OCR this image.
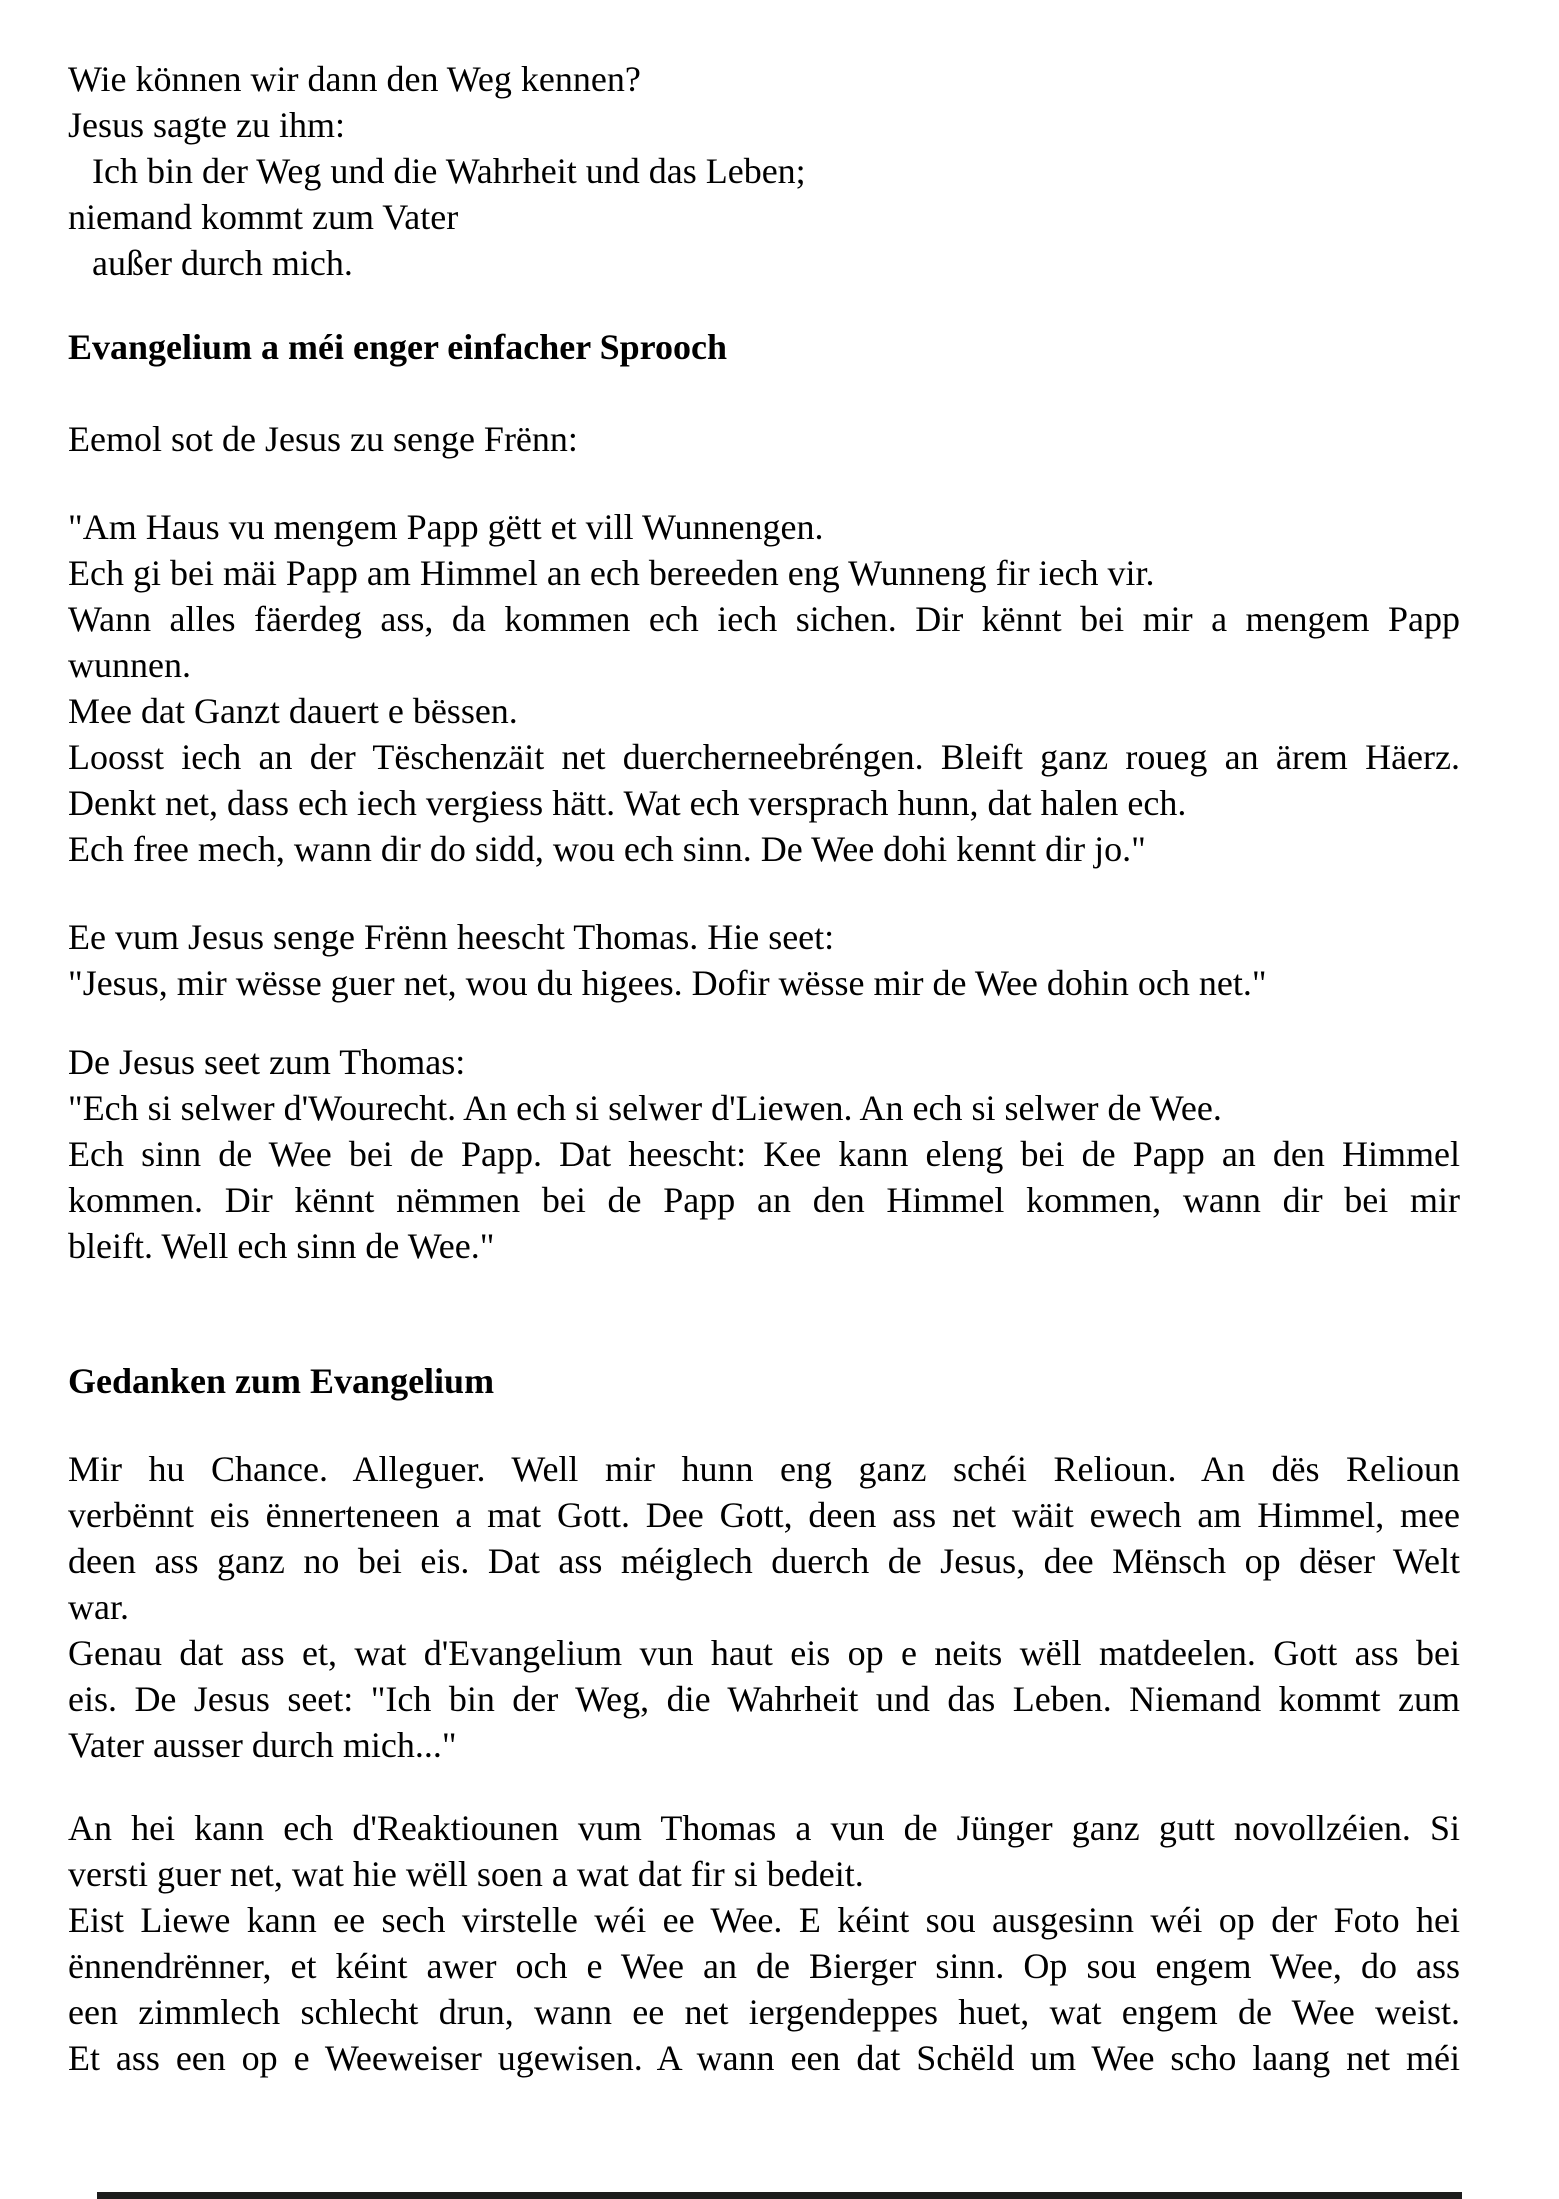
Wie können wir dann den Weg kennen?
Jesus sagte zu ihm:
Ich bin der Weg und die Wahrheit und das Leben;
niemand kommt zum Vater
außer durch mich.
Evangelium a méi enger einfacher Sprooch
Eemol sot de Jesus zu senge Frënn:
"Am Haus vu mengem Papp gëtt et vill Wunnengen.
Ech gi bei mäi Papp am Himmel an ech bereeden eng Wunneng fir iech vir.
Wann alles fäerdeg ass, da kommen ech iech sichen. Dir kënnt bei mir a mengem Papp
wunnen.
Mee dat Ganzt dauert e bëssen.
Loosst iech an der Tëschenzäit net duercherneebréngen. Bleift ganz roueg an ärem Häerz.
Denkt net, dass ech iech vergiess hätt. Wat ech versprach hunn, dat halen ech.
Ech free mech, wann dir do sidd, wou ech sinn. De Wee dohi kennt dir jo."
Ee vum Jesus senge Frënn heescht Thomas. Hie seet:
"Jesus, mir wësse guer net, wou du higees. Dofir wësse mir de Wee dohin och net."
De Jesus seet zum Thomas:
"Ech si selwer d'Wourecht. An ech si selwer d'Liewen. An ech si selwer de Wee.
Ech sinn de Wee bei de Papp. Dat heescht: Kee kann eleng bei de Papp an den Himmel
kommen. Dir kënnt nëmmen bei de Papp an den Himmel kommen, wann dir bei mir
bleift. Well ech sinn de Wee."
Gedanken zum Evangelium
Mir hu Chance. Alleguer. Well mir hunn eng ganz schéi Relioun. An dës Relioun
verbënnt eis ënnerteneen a mat Gott. Dee Gott, deen ass net wäit ewech am Himmel, mee
deen ass ganz no bei eis. Dat ass méiglech duerch de Jesus, dee Mënsch op dëser Welt
war.
Genau dat ass et, wat d'Evangelium vun haut eis op e neits wëll matdeelen. Gott ass bei
eis. De Jesus seet: "Ich bin der Weg, die Wahrheit und das Leben. Niemand kommt zum
Vater ausser durch mich..."
An hei kann ech d'Reaktiounen vum Thomas a vun de Jünger ganz gutt novollzéien. Si
versti guer net, wat hie wëll soen a wat dat fir si bedeit.
Eist Liewe kann ee sech virstelle wéi ee Wee. E kéint sou ausgesinn wéi op der Foto hei
ënnendrënner, et kéint awer och e Wee an de Bierger sinn. Op sou engem Wee, do ass
een zimmlech schlecht drun, wann ee net iergendeppes huet, wat engem de Wee weist.
Et ass een op e Weeweiser ugewisen. A wann een dat Schëld um Wee scho laang net méi
